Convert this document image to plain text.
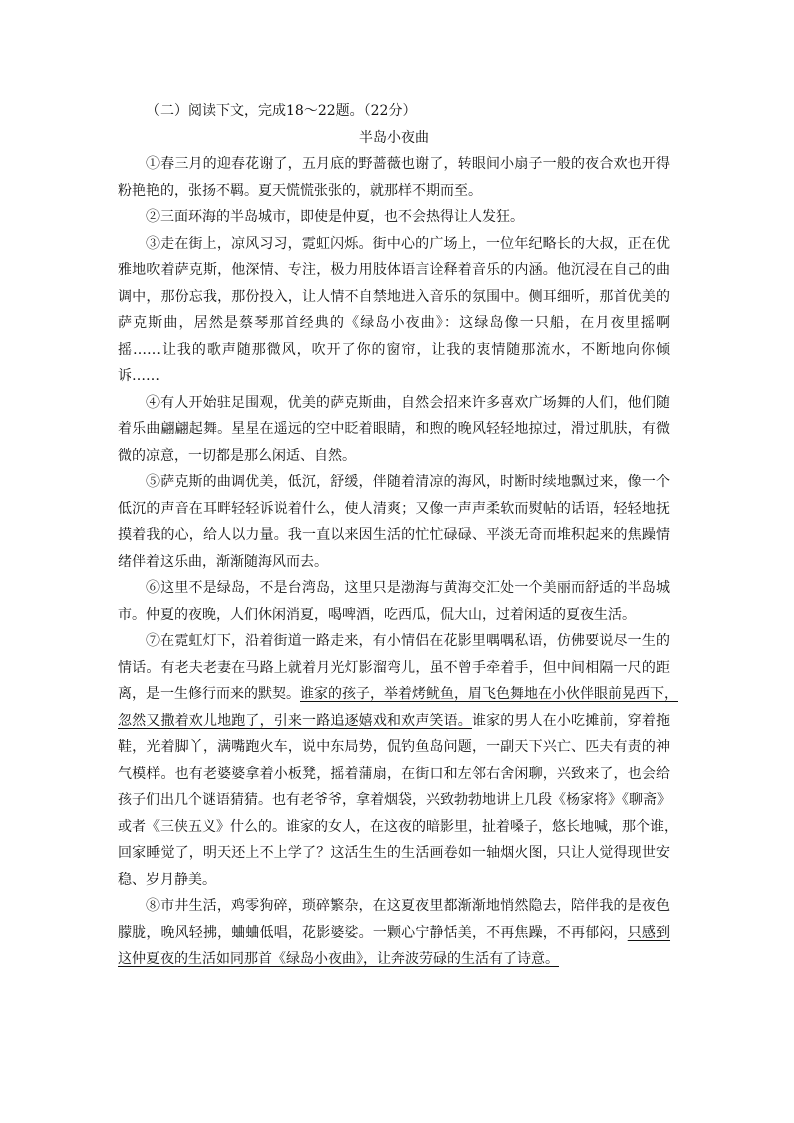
（二）阅读下文，完成18～22题。（22分）
半岛小夜曲
①春三月的迎春花谢了，五月底的野蔷薇也谢了，转眼间小扇子一般的夜合欢也开得
粉艳艳的，张扬不羁。夏天慌慌张张的，就那样不期而至。
②三面环海的半岛城市，即使是仲夏，也不会热得让人发狂。
③走在街上，凉风习习，霓虹闪烁。街中心的广场上，一位年纪略长的大叔，正在优
雅地吹着萨克斯，他深情、专注，极力用肢体语言诠释着音乐的内涵。他沉浸在自己的曲
调中，那份忘我，那份投入，让人情不自禁地进入音乐的氛围中。侧耳细听，那首优美的
萨克斯曲，居然是蔡琴那首经典的《绿岛小夜曲》：这绿岛像一只船，在月夜里摇啊
摇……让我的歌声随那微风，吹开了你的窗帘，让我的衷情随那流水，不断地向你倾
诉……
④有人开始驻足围观，优美的萨克斯曲，自然会招来许多喜欢广场舞的人们，他们随
着乐曲翩翩起舞。星星在遥远的空中眨着眼睛，和煦的晚风轻轻地掠过，滑过肌肤，有微
微的凉意，一切都是那么闲适、自然。
⑤萨克斯的曲调优美，低沉，舒缓，伴随着清凉的海风，时断时续地飘过来，像一个
低沉的声音在耳畔轻轻诉说着什么，使人清爽；又像一声声柔软而熨帖的话语，轻轻地抚
摸着我的心，给人以力量。我一直以来因生活的忙忙碌碌、平淡无奇而堆积起来的焦躁情
绪伴着这乐曲，渐渐随海风而去。
⑥这里不是绿岛，不是台湾岛，这里只是渤海与黄海交汇处一个美丽而舒适的半岛城
市。仲夏的夜晚，人们休闲消夏，喝啤酒，吃西瓜，侃大山，过着闲适的夏夜生活。
⑦在霓虹灯下，沿着街道一路走来，有小情侣在花影里喁喁私语，仿佛要说尽一生的
情话。有老夫老妻在马路上就着月光灯影溜弯儿，虽不曾手牵着手，但中间相隔一尺的距
离，是一生修行而来的默契。谁家的孩子，举着烤鱿鱼，眉飞色舞地在小伙伴眼前晃西下，
忽然又撒着欢儿地跑了，引来一路追逐嬉戏和欢声笑语。谁家的男人在小吃摊前，穿着拖
鞋，光着脚丫，满嘴跑火车，说中东局势，侃钓鱼岛问题，一副天下兴亡、匹夫有责的神
气模样。也有老婆婆拿着小板凳，摇着蒲扇，在街口和左邻右舍闲聊，兴致来了，也会给
孩子们出几个谜语猜猜。也有老爷爷，拿着烟袋，兴致勃勃地讲上几段《杨家将》《聊斋》
或者《三侠五义》什么的。谁家的女人，在这夜的暗影里，扯着嗓子，悠长地喊，那个谁，
回家睡觉了，明天还上不上学了？这活生生的生活画卷如一轴烟火图，只让人觉得现世安
稳、岁月静美。
⑧市井生活，鸡零狗碎，琐碎繁杂，在这夏夜里都渐渐地悄然隐去，陪伴我的是夜色
朦胧，晚风轻拂，蛐蛐低唱，花影婆娑。一颗心宁静恬美，不再焦躁，不再郁闷，只感到
这仲夏夜的生活如同那首《绿岛小夜曲》，让奔波劳碌的生活有了诗意。
